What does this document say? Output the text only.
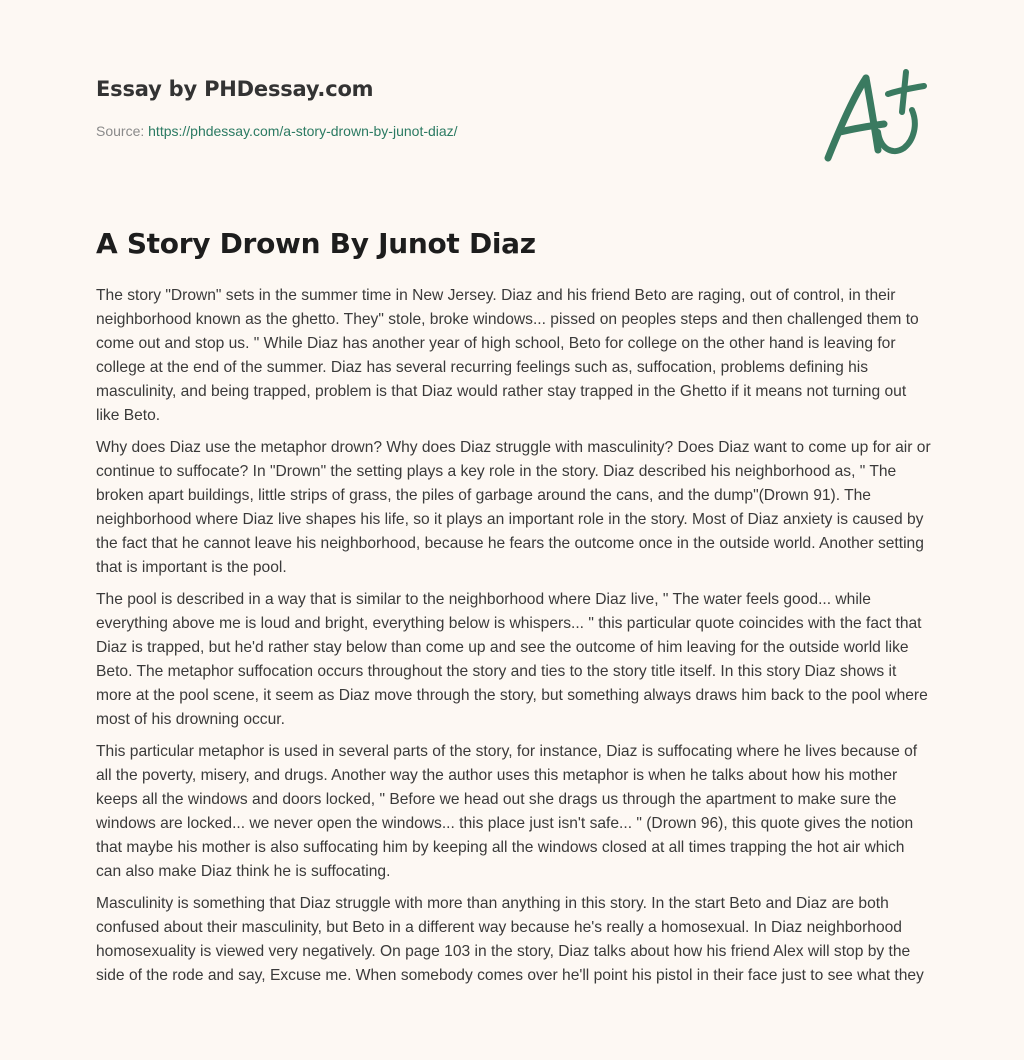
Essay by PHDessay.com
Source: https://phdessay.com/a-story-drown-by-junot-diaz/
A Story Drown By Junot Diaz

The story "Drown" sets in the summer time in New Jersey. Diaz and his friend Beto are raging, out of control, in their neighborhood known as the ghetto. They" stole, broke windows... pissed on peoples steps and then challenged them to come out and stop us. " While Diaz has another year of high school, Beto for college on the other hand is leaving for college at the end of the summer. Diaz has several recurring feelings such as, suffocation, problems defining his masculinity, and being trapped, problem is that Diaz would rather stay trapped in the Ghetto if it means not turning out like Beto.

Why does Diaz use the metaphor drown? Why does Diaz struggle with masculinity? Does Diaz want to come up for air or continue to suffocate? In "Drown" the setting plays a key role in the story. Diaz described his neighborhood as, " The broken apart buildings, little strips of grass, the piles of garbage around the cans, and the dump"(Drown 91). The neighborhood where Diaz live shapes his life, so it plays an important role in the story. Most of Diaz anxiety is caused by the fact that he cannot leave his neighborhood, because he fears the outcome once in the outside world. Another setting that is important is the pool.

The pool is described in a way that is similar to the neighborhood where Diaz live, " The water feels good... while everything above me is loud and bright, everything below is whispers... " this particular quote coincides with the fact that Diaz is trapped, but he'd rather stay below than come up and see the outcome of him leaving for the outside world like Beto. The metaphor suffocation occurs throughout the story and ties to the story title itself. In this story Diaz shows it more at the pool scene, it seem as Diaz move through the story, but something always draws him back to the pool where most of his drowning occur.

This particular metaphor is used in several parts of the story, for instance, Diaz is suffocating where he lives because of all the poverty, misery, and drugs. Another way the author uses this metaphor is when he talks about how his mother keeps all the windows and doors locked, " Before we head out she drags us through the apartment to make sure the windows are locked... we never open the windows... this place just isn't safe... " (Drown 96), this quote gives the notion that maybe his mother is also suffocating him by keeping all the windows closed at all times trapping the hot air which can also make Diaz think he is suffocating.

Masculinity is something that Diaz struggle with more than anything in this story. In the start Beto and Diaz are both confused about their masculinity, but Beto in a different way because he's really a homosexual. In Diaz neighborhood homosexuality is viewed very negatively. On page 103 in the story, Diaz talks about how his friend Alex will stop by the side of the rode and say, Excuse me. When somebody comes over he'll point his pistol in their face just to see what they
